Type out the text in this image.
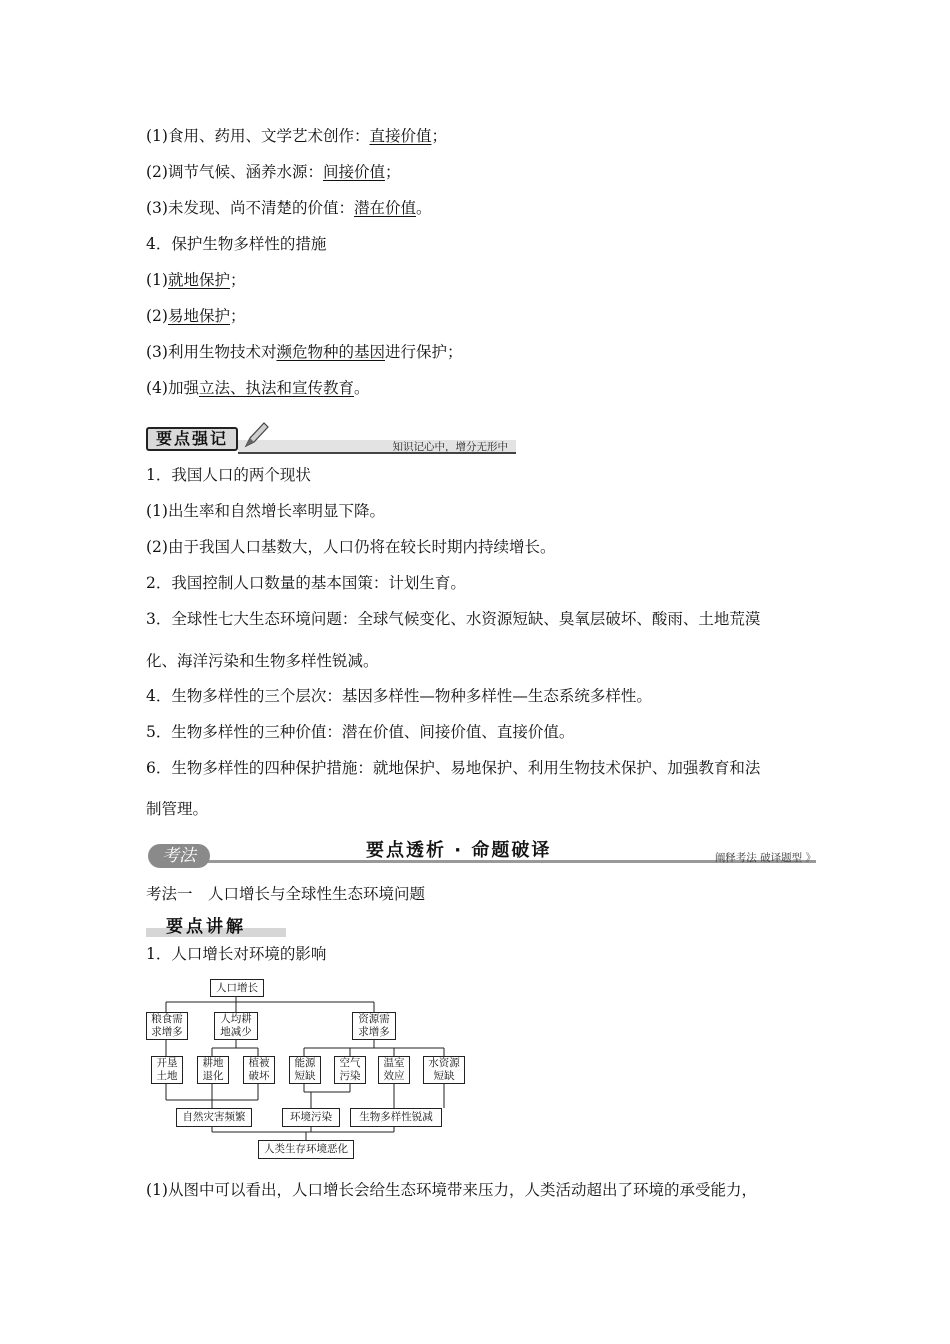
(1)食用、药用、文学艺术创作：直接价值；
(2)调节气候、涵养水源：间接价值；
(3)未发现、尚不清楚的价值：潜在价值。
4．保护生物多样性的措施
(1)就地保护；
(2)易地保护；
(3)利用生物技术对濒危物种的基因进行保护；
(4)加强立法、执法和宣传教育。
要点强记	知识记心中，增分无形中
1．我国人口的两个现状
(1)出生率和自然增长率明显下降。
(2)由于我国人口基数大，人口仍将在较长时期内持续增长。
2．我国控制人口数量的基本国策：计划生育。
3．全球性七大生态环境问题：全球气候变化、水资源短缺、臭氧层破坏、酸雨、土地荒漠
化、海洋污染和生物多样性锐减。
4．生物多样性的三个层次：基因多样性—物种多样性—生态系统多样性。
5．生物多样性的三种价值：潜在价值、间接价值、直接价值。
6．生物多样性的四种保护措施：就地保护、易地保护、利用生物技术保护、加强教育和法
制管理。
考法	要点透析 · 命题破译	阐释考法 破译题型 》
考法一　人口增长与全球性生态环境问题
要点讲解
1．人口增长对环境的影响
人口增长
粮食需
求增多
人均耕
地减少
资源需
求增多
开垦
土地
耕地
退化
植被
破坏
能源
短缺
空气
污染
温室
效应
水资源
短缺
自然灾害频繁	环境污染	生物多样性锐减
人类生存环境恶化
(1)从图中可以看出，人口增长会给生态环境带来压力，人类活动超出了环境的承受能力，
